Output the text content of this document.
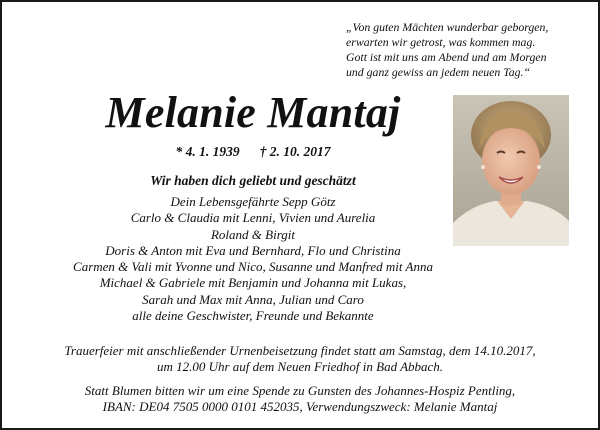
„Von guten Mächten wunderbar geborgen,
erwarten wir getrost, was kommen mag.
Gott ist mit uns am Abend und am Morgen
und ganz gewiss an jedem neuen Tag.“
Melanie Mantaj
* 4. 1. 1939 † 2. 10. 2017
Wir haben dich geliebt und geschätzt
Dein Lebensgefährte Sepp Götz
Carlo & Claudia mit Lenni, Vivien und Aurelia
Roland & Birgit
Doris & Anton mit Eva und Bernhard, Flo und Christina
Carmen & Vali mit Yvonne und Nico, Susanne und Manfred mit Anna
Michael & Gabriele mit Benjamin und Johanna mit Lukas,
Sarah und Max mit Anna, Julian und Caro
alle deine Geschwister, Freunde und Bekannte
Trauerfeier mit anschließender Urnenbeisetzung findet statt am Samstag, dem 14.10.2017,
um 12.00 Uhr auf dem Neuen Friedhof in Bad Abbach.
Statt Blumen bitten wir um eine Spende zu Gunsten des Johannes-Hospiz Pentling,
IBAN: DE04 7505 0000 0101 452035, Verwendungszweck: Melanie Mantaj
